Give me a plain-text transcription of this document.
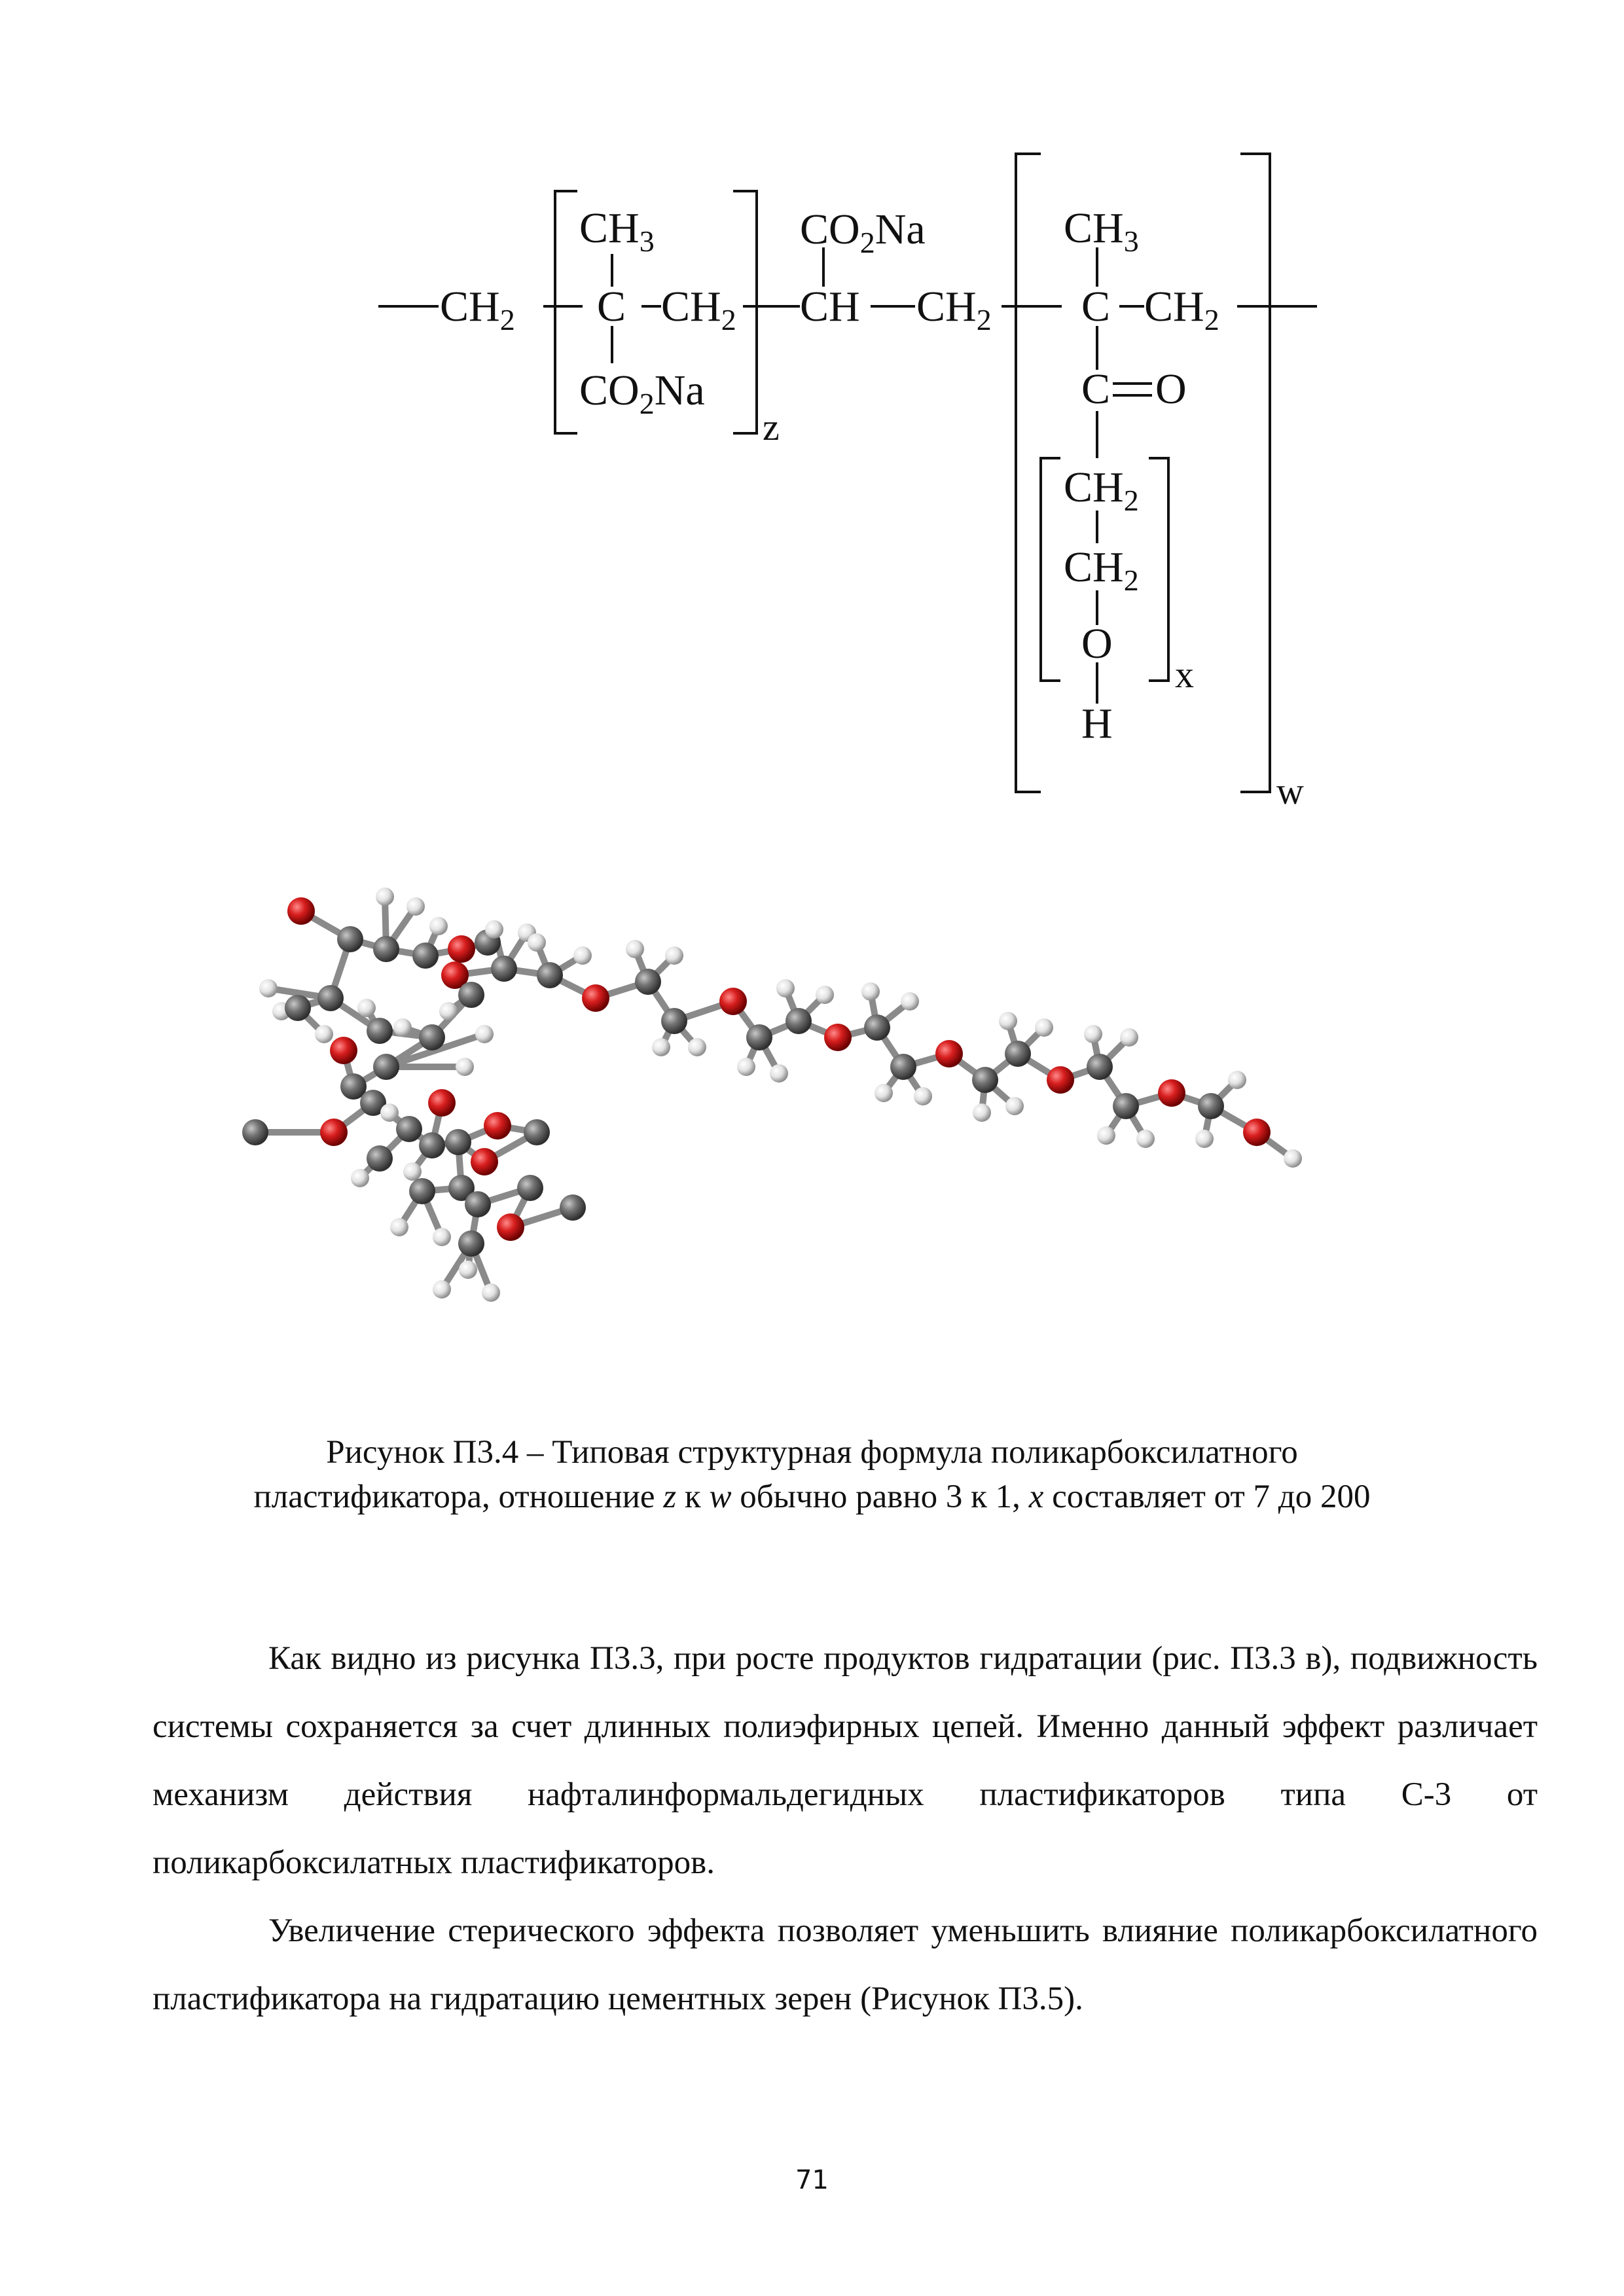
$CH_2$
$CH_3$
C $CH_2$
$CO_2Na$
z
$CO_2Na$
CH $CH_2$
$CH_3$
C $CH_2$
C O
$CH_2$
$CH_2$
O
x
H
w
Рисунок П3.4 – Типовая структурная формула поликарбоксилатного
пластификатора, отношение z к w обычно равно 3 к 1, x составляет от 7 до 200
Как видно из рисунка П3.3, при росте продуктов гидратации (рис. П3.3 в), подвижность системы сохраняется за счет длинных полиэфирных цепей. Именно данный эффект различает механизм действия нафталинформальдегидных пластификаторов типа С-3 от поликарбоксилатных пластификаторов.
Увеличение стерического эффекта позволяет уменьшить влияние поликарбоксилатного пластификатора на гидратацию цементных зерен (Рисунок П3.5).
71
